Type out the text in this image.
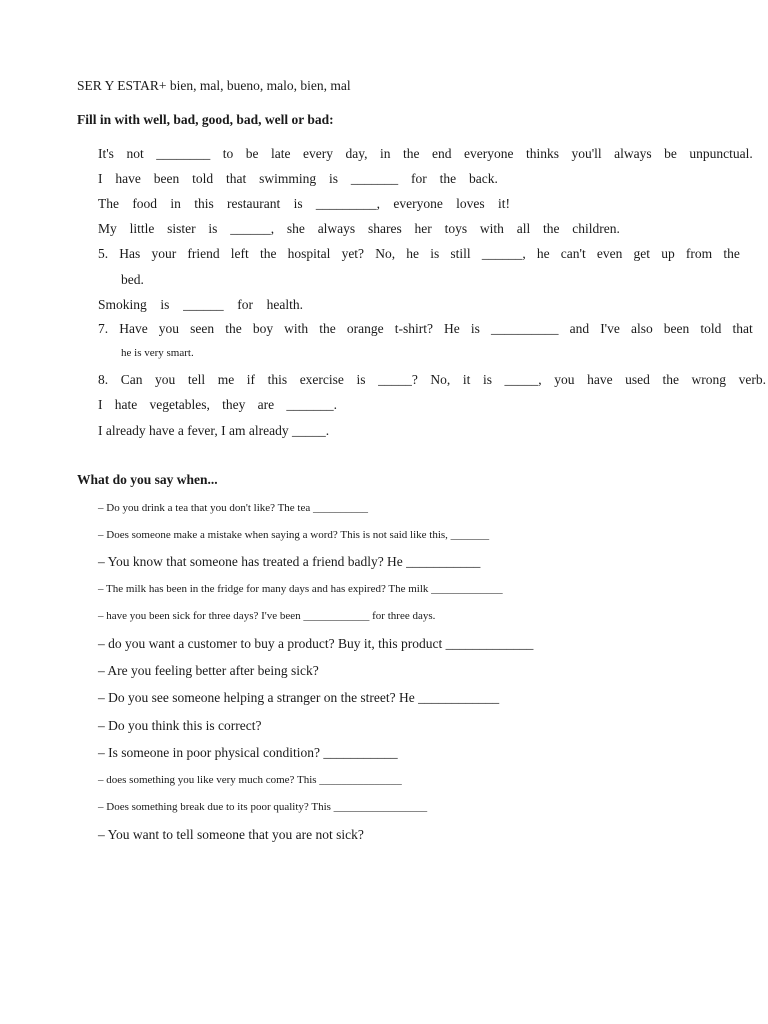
SER Y ESTAR+ bien, mal, bueno, malo, bien, mal
Fill in with well, bad, good, bad, well or bad:
It's not ________ to be late every day, in the end everyone thinks you'll always be unpunctual.
I have been told that swimming is _______ for the back.
The food in this restaurant is _________, everyone loves it!
My little sister is ______, she always shares her toys with all the children.
5. Has your friend left the hospital yet? No, he is still ______, he can't even get up from the
bed.
Smoking is ______ for health.
7. Have you seen the boy with the orange t-shirt? He is __________ and I've also been told that
he is very smart.
8. Can you tell me if this exercise is _____? No, it is _____, you have used the wrong verb.
I hate vegetables, they are _______.
I already have a fever, I am already _____.
What do you say when...
– Do you drink a tea that you don't like? The tea __________
– Does someone make a mistake when saying a word? This is not said like this, _______
– You know that someone has treated a friend badly? He ___________
– The milk has been in the fridge for many days and has expired? The milk _____________
– have you been sick for three days? I've been ____________ for three days.
– do you want a customer to buy a product? Buy it, this product _____________
– Are you feeling better after being sick?
– Do you see someone helping a stranger on the street? He ____________
– Do you think this is correct?
– Is someone in poor physical condition? ___________
– does something you like very much come? This _______________
– Does something break due to its poor quality? This _________________
– You want to tell someone that you are not sick?
